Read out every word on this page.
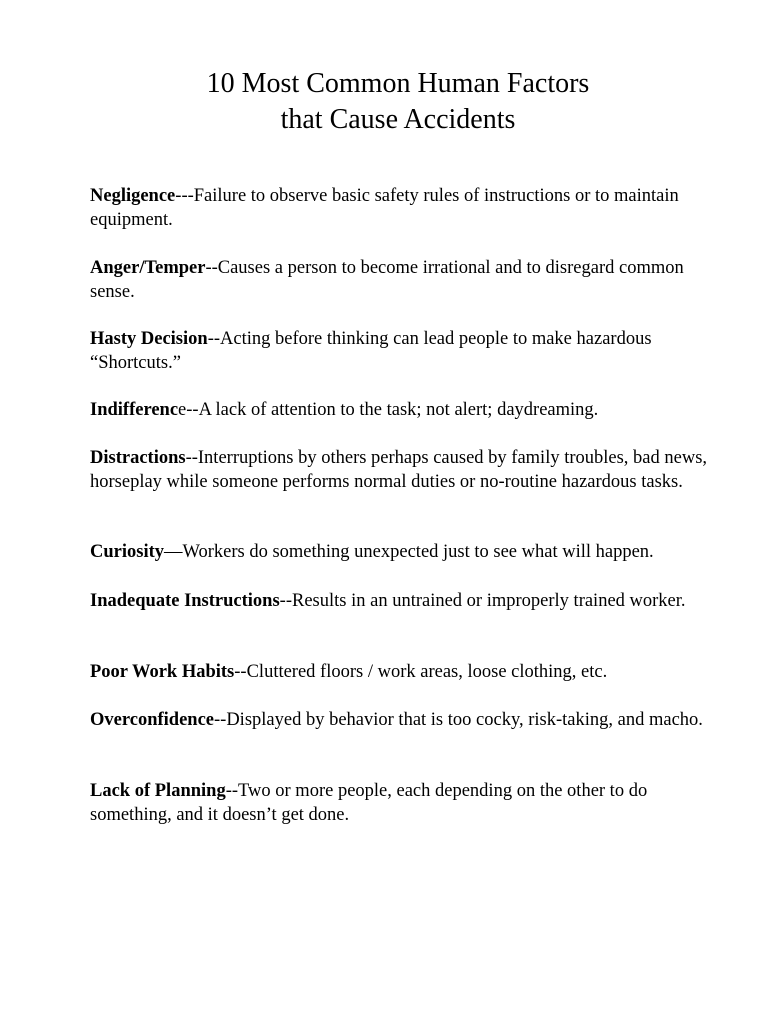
10 Most Common Human Factors
that Cause Accidents

Negligence---Failure to observe basic safety rules of instructions or to maintain equipment.

Anger/Temper--Causes a person to become irrational and to disregard common sense.

Hasty Decision--Acting before thinking can lead people to make hazardous “Shortcuts.”

Indifference--A lack of attention to the task; not alert; daydreaming.

Distractions--Interruptions by others perhaps caused by family troubles, bad news, horseplay while someone performs normal duties or no-routine hazardous tasks.

Curiosity—Workers do something unexpected just to see what will happen.

Inadequate Instructions--Results in an untrained or improperly trained worker.

Poor Work Habits--Cluttered floors / work areas, loose clothing, etc.

Overconfidence--Displayed by behavior that is too cocky, risk-taking, and macho.

Lack of Planning--Two or more people, each depending on the other to do something, and it doesn’t get done.
